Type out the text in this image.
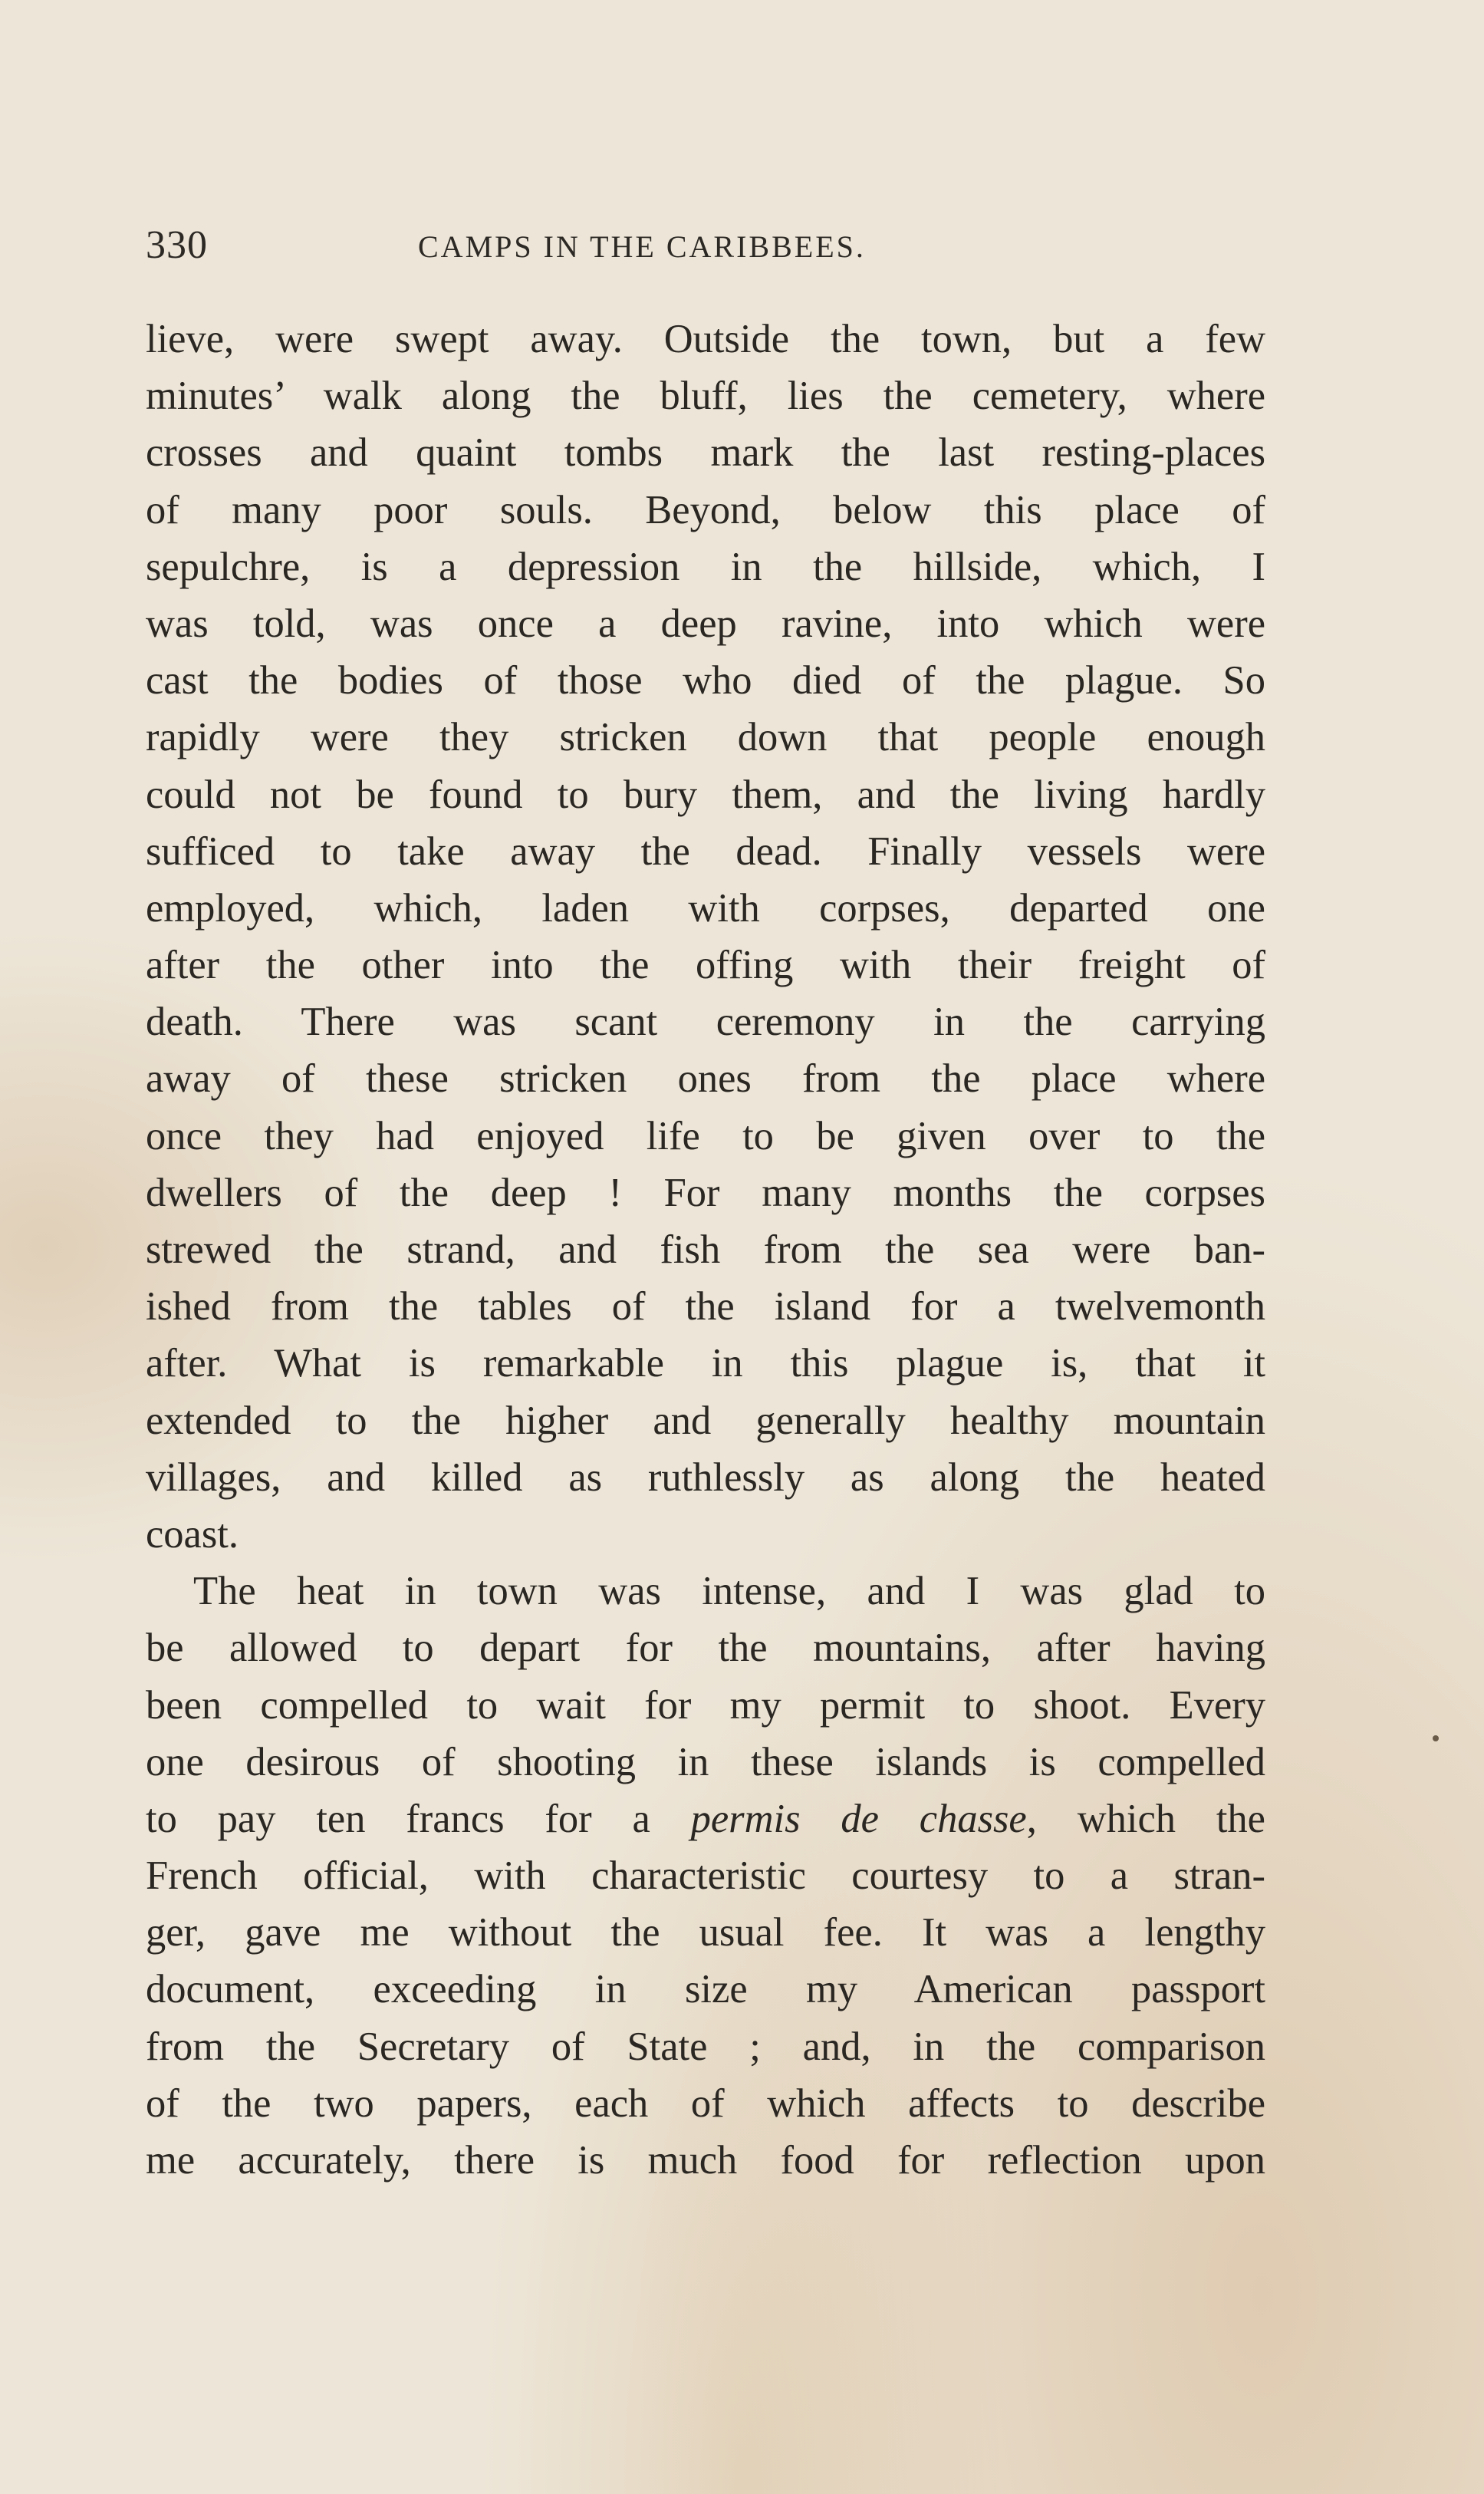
330	CAMPS IN THE CARIBBEES.
lieve, were swept away. Outside the town, but a few
minutes’ walk along the bluff, lies the cemetery, where
crosses and quaint tombs mark the last resting-places
of many poor souls. Beyond, below this place of
sepulchre, is a depression in the hillside, which, I
was told, was once a deep ravine, into which were
cast the bodies of those who died of the plague. So
rapidly were they stricken down that people enough
could not be found to bury them, and the living hardly
sufficed to take away the dead. Finally vessels were
employed, which, laden with corpses, departed one
after the other into the offing with their freight of
death. There was scant ceremony in the carrying
away of these stricken ones from the place where
once they had enjoyed life to be given over to the
dwellers of the deep ! For many months the corpses
strewed the strand, and fish from the sea were ban-
ished from the tables of the island for a twelvemonth
after. What is remarkable in this plague is, that it
extended to the higher and generally healthy mountain
villages, and killed as ruthlessly as along the heated
coast.
The heat in town was intense, and I was glad to
be allowed to depart for the mountains, after having
been compelled to wait for my permit to shoot. Every
one desirous of shooting in these islands is compelled
to pay ten francs for a permis de chasse, which the
French official, with characteristic courtesy to a stran-
ger, gave me without the usual fee. It was a lengthy
document, exceeding in size my American passport
from the Secretary of State ; and, in the comparison
of the two papers, each of which affects to describe
me accurately, there is much food for reflection upon
